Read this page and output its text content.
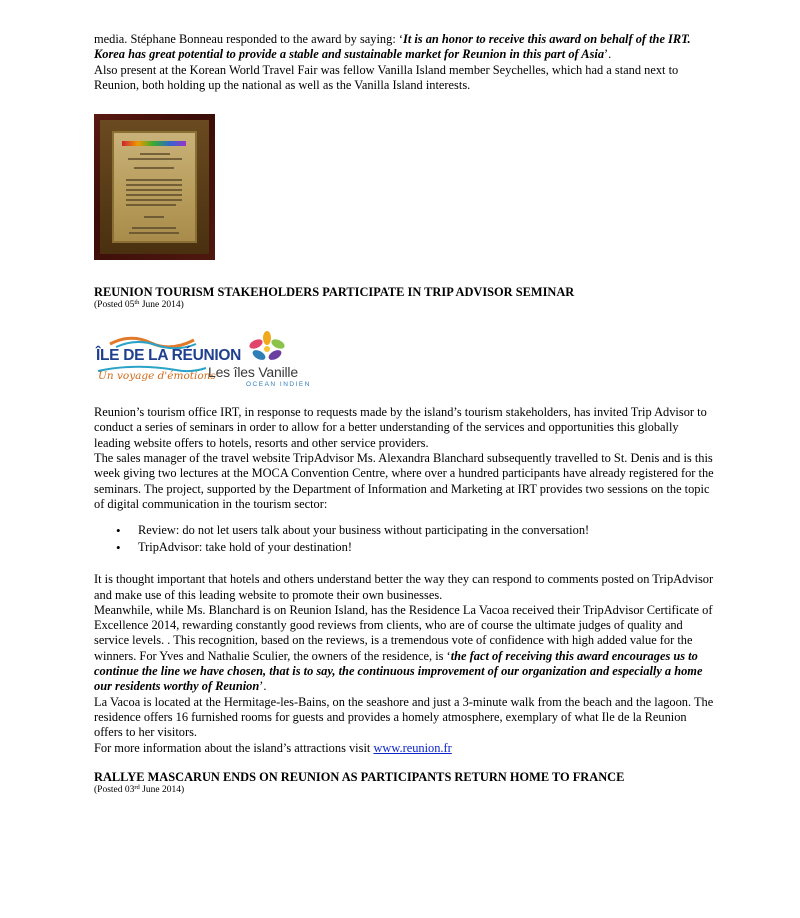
media. Stéphane Bonneau responded to the award by saying: ‘It is an honor to receive this award on behalf of the IRT. Korea has great potential to provide a stable and sustainable market for Reunion in this part of Asia’.
Also present at the Korean World Travel Fair was fellow Vanilla Island member Seychelles, which had a stand next to Reunion, both holding up the national as well as the Vanilla Island interests.

REUNION TOURISM STAKEHOLDERS PARTICIPATE IN TRIP ADVISOR SEMINAR

(Posted 05th June 2014)

ÎLE DE LA RÉUNION
Un voyage d'émotions
Les îles Vanille
OCEAN INDIEN

Reunion’s tourism office IRT, in response to requests made by the island’s tourism stakeholders, has invited Trip Advisor to conduct a series of seminars in order to allow for a better understanding of the services and opportunities this globally leading website offers to hotels, resorts and other service providers.
The sales manager of the travel website TripAdvisor Ms. Alexandra Blanchard subsequently travelled to St. Denis and is this week giving two lectures at the MOCA Convention Centre, where over a hundred participants have already registered for the seminars. The project, supported by the Department of Information and Marketing at IRT provides two sessions on the topic of digital communication in the tourism sector:

• Review: do not let users talk about your business without participating in the conversation!
• TripAdvisor: take hold of your destination!

It is thought important that hotels and others understand better the way they can respond to comments posted on TripAdvisor and make use of this leading website to promote their own businesses.
Meanwhile, while Ms. Blanchard is on Reunion Island, has the Residence La Vacoa received their TripAdvisor Certificate of Excellence 2014, rewarding constantly good reviews from clients, who are of course the ultimate judges of quality and service levels. . This recognition, based on the reviews, is a tremendous vote of confidence with high added value for the winners. For Yves and Nathalie Sculier, the owners of the residence, is ‘the fact of receiving this award encourages us to continue the line we have chosen, that is to say, the continuous improvement of our organization and especially a home our residents worthy of Reunion’.
La Vacoa is located at the Hermitage-les-Bains, on the seashore and just a 3-minute walk from the beach and the lagoon. The residence offers 16 furnished rooms for guests and provides a homely atmosphere, exemplary of what Ile de la Reunion offers to her visitors.
For more information about the island’s attractions visit www.reunion.fr

RALLYE MASCARUN ENDS ON REUNION AS PARTICIPANTS RETURN HOME TO FRANCE

(Posted 03rd June 2014)
